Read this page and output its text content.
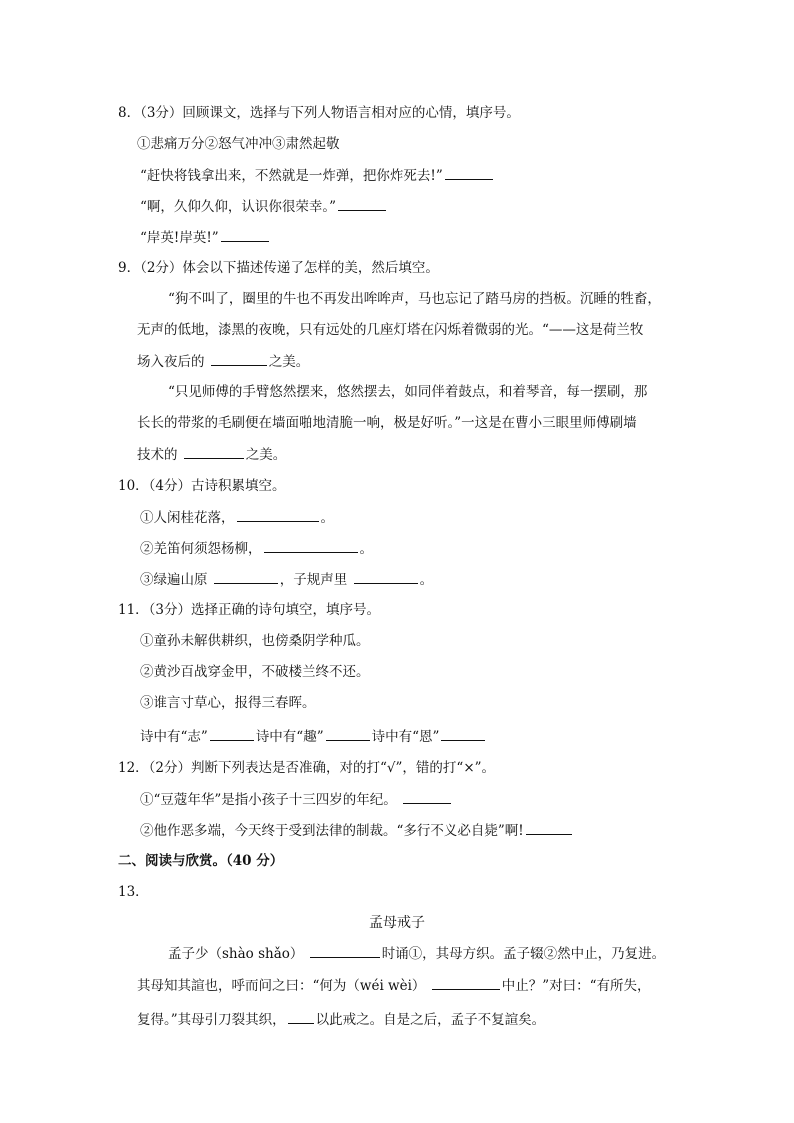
8．（3分）回顾课文，选择与下列人物语言相对应的心情，填序号。
①悲痛万分②怒气冲冲③肃然起敬
“赶快将钱拿出来，不然就是一炸弹，把你炸死去!”
“啊，久仰久仰，认识你很荣幸。”
“岸英!岸英!”
9．（2分）体会以下描述传递了怎样的美，然后填空。
“狗不叫了，圈里的牛也不再发出哞哞声，马也忘记了踏马房的挡板。沉睡的牲畜，
无声的低地，漆黑的夜晚，只有远处的几座灯塔在闪烁着微弱的光。“——这是荷兰牧
场入夜后的	之美。
“只见师傅的手臂悠然摆来，悠然摆去，如同伴着鼓点，和着琴音，每一摆刷，那
长长的带浆的毛刷便在墙面啪地清脆一响，极是好听。”一这是在曹小三眼里师傅刷墙
技术的	之美。
10．（4分）古诗积累填空。
①人闲桂花落，	。
②羌笛何须怨杨柳，	。
③绿遍山原	，子规声里	。
11．（3分）选择正确的诗句填空，填序号。
①童孙未解供耕织，也傍桑阴学种瓜。
②黄沙百战穿金甲，不破楼兰终不还。
③谁言寸草心，报得三春晖。
诗中有“志”	诗中有“趣”	诗中有“恩”
12．（2分）判断下列表达是否准确，对的打“√”，错的打“×”。
①“豆蔻年华”是指小孩子十三四岁的年纪。
②他作恶多端，今天终于受到法律的制裁。“多行不义必自毙”啊!
二、阅读与欣赏。（40 分）
13．
孟母戒子
孟子少（shào shǎo）	时诵①，其母方织。孟子辍②然中止，乃复进。
其母知其諠也，呼而问之曰：“何为（wéi wèi）	中止？”对曰：“有所失，
复得。”其母引刀裂其织， 以此戒之。自是之后，孟子不复諠矣。
